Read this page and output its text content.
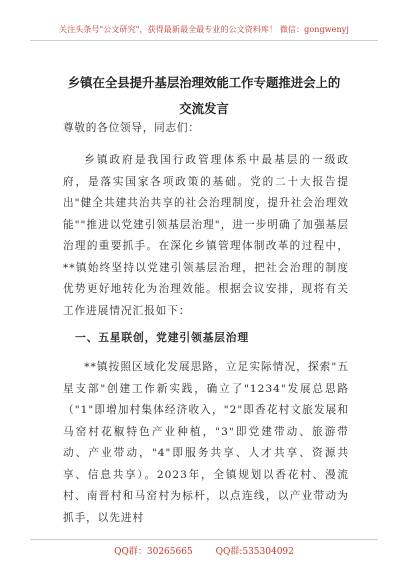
关注头条号"公文研究"，获得最新最全最专业的公文资料库！ 微信：gongwenyj
乡镇在全县提升基层治理效能工作专题推进会上的交流发言
尊敬的各位领导，同志们：
乡镇政府是我国行政管理体系中最基层的一级政府，是落实国家各项政策的基础。党的二十大报告提出"健全共建共治共享的社会治理制度，提升社会治理效能""推进以党建引领基层治理"，进一步明确了加强基层治理的重要抓手。在深化乡镇管理体制改革的过程中，**镇始终坚持以党建引领基层治理，把社会治理的制度优势更好地转化为治理效能。根据会议安排，现将有关工作进展情况汇报如下：
一、五星联创，党建引领基层治理
**镇按照区域化发展思路，立足实际情况，探索"五星支部"创建工作新实践，确立了"1234"发展总思路（"1"即增加村集体经济收入，"2"即香花村文旅发展和马窑村花椒特色产业种植，"3"即党建带动、旅游带动、产业带动，"4"即服务共享、人才共享、资源共享、信息共享）。2023年，全镇规划以香花村、漫流村、南晋村和马窑村为标杆，以点连线，以产业带动为抓手，以先进村
QQ群：30265665	QQ群:535304092
